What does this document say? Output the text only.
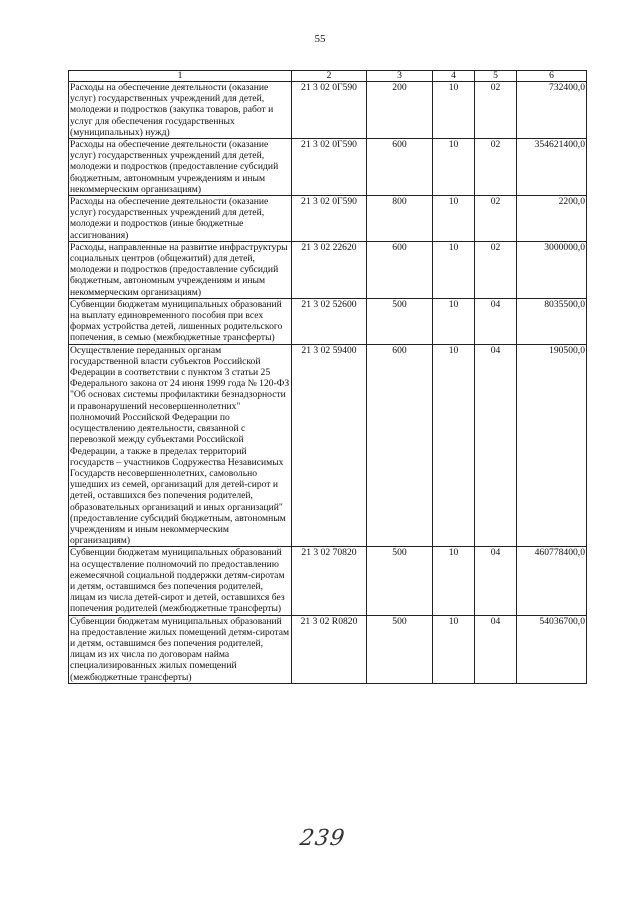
55
1	2	3	4	5	6
Расходы на обеспечение деятельности (оказание услуг) государственных учреждений для детей, молодежи и подростков (закупка товаров, работ и услуг для обеспечения государственных (муниципальных) нужд)	21 3 02 0Г590	200	10	02	732400,0
Расходы на обеспечение деятельности (оказание услуг) государственных учреждений для детей, молодежи и подростков (предоставление субсидий бюджетным, автономным учреждениям и иным некоммерческим организациям)	21 3 02 0Г590	600	10	02	354621400,0
Расходы на обеспечение деятельности (оказание услуг) государственных учреждений для детей, молодежи и подростков (иные бюджетные ассигнования)	21 3 02 0Г590	800	10	02	2200,0
Расходы, направленные на развитие инфраструктуры социальных центров (общежитий) для детей, молодежи и подростков (предоставление субсидий бюджетным, автономным учреждениям и иным некоммерческим организациям)	21 3 02 22620	600	10	02	3000000,0
Субвенции бюджетам муниципальных образований на выплату единовременного пособия при всех формах устройства детей, лишенных родительского попечения, в семью (межбюджетные трансферты)	21 3 02 52600	500	10	04	8035500,0
Осуществление переданных органам государственной власти субъектов Российской Федерации в соответствии с пунктом 3 статьи 25 Федерального закона от 24 июня 1999 года № 120-ФЗ "Об основах системы профилактики безнадзорности и правонарушений несовершеннолетних" полномочий Российской Федерации по осуществлению деятельности, связанной с перевозкой между субъектами Российской Федерации, а также в пределах территорий государств – участников Содружества Независимых Государств несовершеннолетних, самовольно ушедших из семей, организаций для детей-сирот и детей, оставшихся без попечения родителей, образовательных организаций и иных организаций" (предоставление субсидий бюджетным, автономным учреждениям и иным некоммерческим организациям)	21 3 02 59400	600	10	04	190500,0
Субвенции бюджетам муниципальных образований на осуществление полномочий по предоставлению ежемесячной социальной поддержки детям-сиротам и детям, оставшимся без попечения родителей, лицам из числа детей-сирот и детей, оставшихся без попечения родителей (межбюджетные трансферты)	21 3 02 70820	500	10	04	460778400,0
Субвенции бюджетам муниципальных образований на предоставление жилых помещений детям-сиротам и детям, оставшимся без попечения родителей, лицам из их числа по договорам найма специализированных жилых помещений (межбюджетные трансферты)	21 3 02 R0820	500	10	04	54036700,0
239
